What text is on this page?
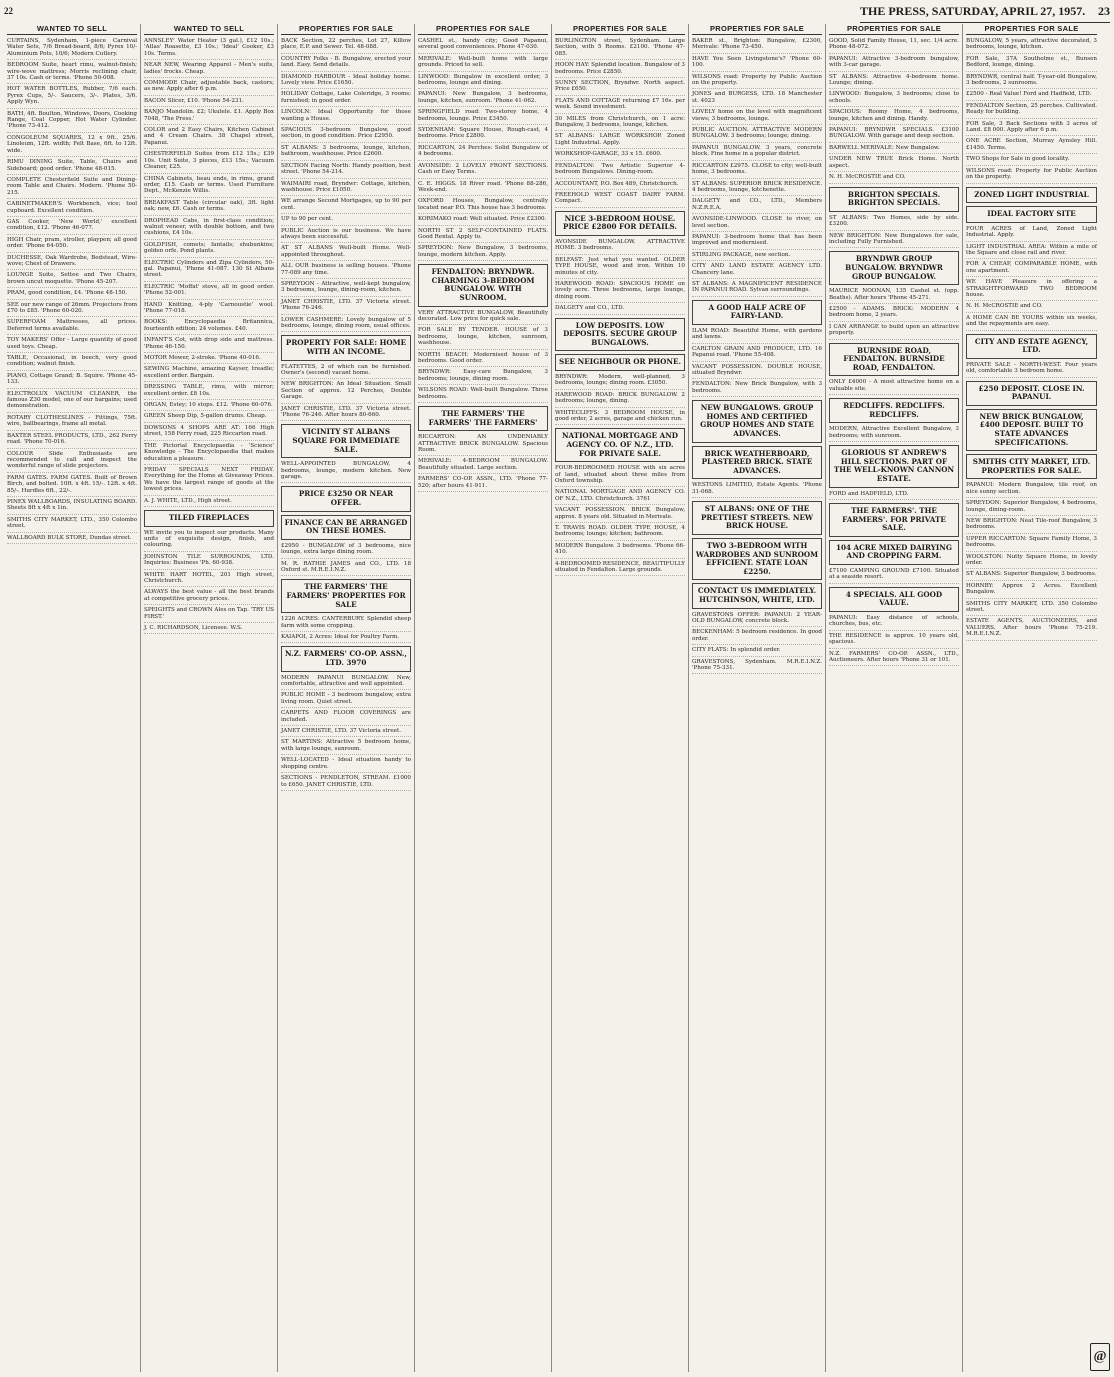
22	THE PRESS, SATURDAY, APRIL 27, 1957. 23
WANTED TO SELL
CURTAINS, Sydenham, 1-piece Carnival Water Sets, 7/6 Bread-board, 8/6; Pyrex 10/- Aluminium Pots, 10/6; Modern Cutlery.
BEDROOM Suite, heart rimu, walnut-finish; wire-wove mattress; Morris reclining chair, 37 10s. Cash or terms. 'Phone 50-008.
HOT WATER BOTTLES, Rubber, 7/6 each. Pyrex Cups, 5/-. Saucers, 3/-. Plates, 3/6. Apply Wyn.
BATH, 4ft. Boulton, Windows, Doors, Cooking Range, Coal Copper, Hot Water Cylinder. 'Phone 73-412.
CONGOLEUM SQUARES, 12 x 9ft., 25/6. Linoleum, 12ft. width; Felt Base, 6ft. to 12ft. wide.
RIMU DINING Suite, Table, Chairs and Sideboard; good order. 'Phone 48-015.
COMPLETE Chesterfield Suite and Dining-room Table and Chairs. Modern. 'Phone 50-215.
CABINETMAKER'S Workbench, vice; tool cupboard. Excellent condition.
GAS Cooker, 'New World,' excellent condition, £12. 'Phone 46-077.
HIGH Chair, pram, stroller, playpen; all good order. 'Phone 64-050.
DUCHESSE, Oak Wardrobe, Bedstead, Wire-wove; Chest of Drawers.
LOUNGE Suite, Settee and Two Chairs, brown uncut moquette. 'Phone 45-207.
PRAM, good condition, £4. 'Phone 48-150.
SEE our new range of 26mm. Projectors from £70 to £85. 'Phone 60-020.
SUPERFOAM Mattresses, all prices. Deferred terms available.
TOY MAKERS' Offer - Large quantity of good used toys. Cheap.
TABLE, Occasional, in beech, very good condition; walnut finish.
PIANO, Cottage Grand; B. Squire. 'Phone 45-133.
ELECTROLUX VACUUM CLEANER, the famous Z30 model, one of our bargains; used demonstration.
ROTARY CLOTHESLINES - Fittings, 75ft. wire, ballbearings, frame all metal.
BAXTER STEEL PRODUCTS, LTD., 262 Ferry road. 'Phone 70-016.
COLOUR Slide Enthusiasts are recommended to call and inspect the wonderful range of slide projectors.
FARM GATES. FARM GATES. Built of Brown Birch, and bolted. 10ft. x 4ft. 15/-. 12ft. x 4ft. 85/-. Hurdles 6ft., 22/-.
PINEX WALLBOARDS, INSULATING BOARD. Sheets 8ft x 4ft x 1in.
SMITHS CITY MARKET, LTD., 350 Colombo street.
WALLBOARD BULK STORE, Dundas street.
WANTED TO SELL
ANNSLEY' Water Heater (3 gal.), £12 10s.; 'Atlas' Roasette, £3 10s.; 'Ideal' Cooker, £3 10s. Terms.
NEAR NEW, Wearing Apparel - Men's suits, ladies' frocks. Cheap.
COMMODE Chair, adjustable back, castors; as new. Apply after 6 p.m.
BACON Slicer, £10. 'Phone 54-231.
BANJO Mandolin. £2; Ukulele. £1. Apply Box 7048, 'The Press.'
COLOR and 2 Easy Chairs, Kitchen Cabinet and 4 Cream Chairs. 38 Chapel street, Papanui.
CHESTERFIELD Suites from £12 15s.; £39 10s. Unit Suite, 3 pieces, £13 15s.; Vacuum Cleaner, £25.
CHINA Cabinets, beau ends, in rimu, grand order, £15. Cash or terms. Used Furniture Dept., McKenzie Willis.
BREAKFAST Table (circular oak), 3ft. light oak; new, £6. Cash or terms.
DROPHEAD Cabs, in first-class condition; walnut veneer, with double bottom, and two cushions, £4 10s.
GOLDFISH, comets; fantails; shubunkins; golden orfe. Pond plants.
ELECTRIC Cylinders and Zipa Cylinders, 50-gal. Papanui, 'Phone 41-087. 130 St Albans street.
ELECTRIC 'Moffat' stove, all in good order. 'Phone 52-001.
HAND Knitting, 4-ply 'Carnoustie' wool. 'Phone 77-018.
BOOKS: Encyclopaedia Britannica, fourteenth edition; 24 volumes. £40.
INFANT'S Cot, with drop side and mattress. 'Phone 46-150.
MOTOR Mower, 2-stroke. 'Phone 40-016.
SEWING Machine, amazing Kayser, treadle; excellent order. Bargain.
DRESSING TABLE, rimu, with mirror; excellent order. £8 10s.
ORGAN, Estey; 10 stops. £12. 'Phone 60-076.
GREEN Sheep Dip, 5-gallon drums. Cheap.
DOWSONS 4 SHOPS ARE AT: 166 High street, 158 Ferry road, 225 Riccarton road.
THE Pictorial Encyclopaedia - 'Science' Knowledge - The Encyclopaedia that makes education a pleasure.
FRIDAY SPECIALS NEXT FRIDAY. Everything for the Home at Giveaway Prices. We have the largest range of goods at the lowest prices.
A. J. WHITE, LTD., High street.
TILED FIREPLACES
WE invite you to inspect our products. Many units of exquisite design, finish, and colouring.
JOHNSTON TILE SURROUNDS, LTD. Inquiries: Business 'Ph. 60-938.
WHITE HART HOTEL, 201 High street, Christchurch.
ALWAYS the best value - all the best brands at competitive grocery prices.
SPEIGHTS and CROWN Ales on Tap. 'TRY US FIRST.'
J. C. RICHARDSON, Licensee. W.S.
PROPERTIES FOR SALE
BACK Section, 22 perches, Lot 27, Killow place, E.P. and Sewer. Tel. 48-088.
COUNTRY Folks - B. Bungalow, erected your land. Easy. Send details.
DIAMOND HARBOUR - Ideal holiday home. Lovely view. Price £1650.
HOLIDAY Cottage, Lake Coleridge, 3 rooms; furnished; in good order.
LINCOLN: Ideal Opportunity for those wanting a House.
SPACIOUS 3-bedroom Bungalow, good section, in good condition. Price £2950.
ST ALBANS: 3 bedrooms, lounge, kitchen, bathroom, washhouse. Price £2600.
SECTION Facing North: Handy position, best street. 'Phone 54-214.
WAIMAIRI road, Bryndwr: Cottage, kitchen, washhouse. Price £1050.
WE arrange Second Mortgages, up to 90 per cent.
UP to 90 per cent.
PUBLIC Auction is our business. We have always been successful.
AT ST ALBANS Well-built Home. Well-appointed throughout.
ALL OUR business is selling houses. 'Phone 77-089 any time.
SPREYDON - Attractive, well-kept bungalow, 3 bedrooms, lounge, dining-room, kitchen.
JANET CHRISTIE, LTD. 37 Victoria street. 'Phone 76-246.
LOWER CASHMERE: Lovely bungalow of 5 bedrooms, lounge, dining room, usual offices.
PROPERTY FOR SALE: HOME WITH AN INCOME.
FLATETTES, 2 of which can be furnished. Owner's (second) vacant home.
NEW BRIGHTON: An Ideal Situation. Small Section of approx. 12 Perches, Double Garage.
JANET CHRISTIE, LTD. 37 Victoria street. 'Phone 76-246. After hours 80-660.
VICINITY ST ALBANS SQUARE FOR IMMEDIATE SALE.
WELL-APPOINTED BUNGALOW, 4 bedrooms, lounge, modern kitchen. New garage.
PRICE £3250 OR NEAR OFFER.
FINANCE CAN BE ARRANGED ON THESE HOMES.
£2950 - BUNGALOW of 3 bedrooms, nice lounge, extra large dining room.
M. R. RATHIE JAMES and CO., LTD. 18 Oxford st. M.R.E.I.N.Z.
THE FARMERS' THE FARMERS' PROPERTIES FOR SALE
1226 ACRES: CANTERBURY. Splendid sheep farm with some cropping.
KAIAPOI, 2 Acres: Ideal for Poultry Farm.
N.Z. FARMERS' CO-OP. ASSN., LTD. 3970
MODERN PAPANUI BUNGALOW. New, comfortable, attractive and well appointed.
PUBLIC HOME - 3 bedroom bungalow, extra living room. Quiet street.
CARPETS AND FLOOR COVERINGS are included.
JANET CHRISTIE, LTD. 37 Victoria street.
ST MARTINS: Attractive 5 bedroom home, with large lounge, sunroom.
WELL-LOCATED - Ideal situation handy to shopping centre.
SECTIONS - PENDLETON, STREAM. £1000 to £650. JANET CHRISTIE, LTD.
PROPERTIES FOR SALE
CASHEL st., handy city; Good Papanui, several good conveniences. Phone 47-030.
MERIVALE: Well-built home with large grounds. Priced to sell.
LINWOOD: Bungalow in excellent order, 3 bedrooms, lounge and dining.
PAPANUI: New Bungalow, 3 bedrooms, lounge, kitchen, sunroom. 'Phone 41-062.
SPRINGFIELD road: Two-storey home, 4 bedrooms, lounge. Price £3450.
SYDENHAM: Square House, Rough-cast, 4 bedrooms. Price £2800.
RICCARTON, 24 Perches: Solid Bungalow of 4 bedrooms.
AVONSIDE: 2 LOVELY FRONT SECTIONS. Cash or Easy Terms.
C. E. HIGGS. 18 River road. 'Phone 88-286, Week-end.
OXFORD Houses, Bungalow, centrally located near P.O. This house has 3 bedrooms.
KORIMAKO road: Well situated. Price £2300.
NORTH ST 2 SELF-CONTAINED FLATS. Good Rental. Apply to.
SPREYDON: New Bungalow, 3 bedrooms, lounge, modern kitchen. Apply.
FENDALTON: BRYNDWR. CHARMING 3-BEDROOM BUNGALOW. WITH SUNROOM.
VERY ATTRACTIVE BUNGALOW, Beautifully decorated. Low price for quick sale.
FOR SALE BY TENDER. HOUSE of 3 bedrooms, lounge, kitchen, sunroom, washhouse.
NORTH BEACH: Modernised house of 3 bedrooms. Good order.
BRYNDWR: Easy-care Bungalow, 3 bedrooms; lounge, dining room.
WILSONS ROAD: Well-built Bungalow. Three bedrooms.
THE FARMERS' THE FARMERS' THE FARMERS'
RICCARTON: AN UNDENIABLY ATTRACTIVE BRICK BUNGALOW. Spacious Room.
MERIVALE: 4-BEDROOM BUNGALOW. Beautifully situated. Large section.
FARMERS' CO-OP. ASSN., LTD. 'Phone 77-520; after hours 41-911.
PROPERTIES FOR SALE
BURLINGTON street, Sydenham. Large Section, with 5 Rooms. £2100. 'Phone 47-085.
HOON HAY: Splendid location. Bungalow of 3 bedrooms. Price £2850.
SUNNY SECTION, Bryndwr. North aspect. Price £650.
FLATS AND COTTAGE returning £7 16s. per week. Sound investment.
30 MILES from Christchurch, on 1 acre: Bungalow, 3 bedrooms, lounge, kitchen.
ST ALBANS: LARGE WORKSHOP. Zoned Light Industrial. Apply.
WORKSHOP-GARAGE, 33 x 15. £600.
FENDALTON: Two Artistic Superior 4-bedroom Bungalows. Dining-room.
ACCOUNTANT, P.O. Box 489, Christchurch.
FREEHOLD WEST COAST DAIRY FARM. Compact.
NICE 3-BEDROOM HOUSE. PRICE £2800 FOR DETAILS.
AVONSIDE BUNGALOW. ATTRACTIVE HOME. 3 bedrooms.
BELFAST: Just what you wanted. OLDER TYPE HOUSE, wood and iron. Within 10 minutes of city.
HAREWOOD ROAD: SPACIOUS HOME on lovely acre. Three bedrooms, large lounge, dining room.
DALGETY and CO., LTD.
LOW DEPOSITS. LOW DEPOSITS. SECURE GROUP BUNGALOWS.
SEE NEIGHBOUR OR PHONE.
BRYNDWR: Modern, well-planned, 3 bedrooms, lounge; dining room. £3050.
HAREWOOD ROAD: BRICK BUNGALOW. 2 bedrooms; lounge, dining.
WHITECLIFFS: 3 BEDROOM HOUSE, in good order, 2 acres, garage and chicken run.
NATIONAL MORTGAGE AND AGENCY CO. OF N.Z., LTD. FOR PRIVATE SALE.
FOUR-BEDROOMED HOUSE with six acres of land, situated about three miles from Oxford township.
NATIONAL MORTGAGE AND AGENCY CO. OF N.Z., LTD. Christchurch. 3761
VACANT POSSESSION. BRICK Bungalow, approx. 8 years old. Situated in Merivale.
T. TRAVIS ROAD. OLDER TYPE HOUSE, 4 bedrooms; lounge; kitchen; bathroom.
MODERN Bungalow. 3 bedrooms. 'Phone 66-410.
4-BEDROOMED RESIDENCE, BEAUTIFULLY situated in Fendalton. Large grounds.
PROPERTIES FOR SALE
BAKER st., Brighton: Bungalow, £2300, Merivale: 'Phone 73-450.
HAVE You Seen Livingstone's? 'Phone 60-100.
WILSONS road: Property by Public Auction on the property.
JONES and BURGESS, LTD. 18 Manchester st. 4023
LOVELY home on the level with magnificent views; 3 bedrooms, lounge.
PUBLIC AUCTION. ATTRACTIVE MODERN BUNGALOW. 3 bedrooms; lounge; dining.
PAPANUI BUNGALOW. 3 years, concrete block. Fine home in a popular district.
RICCARTON £2975. CLOSE to city; well-built home, 3 bedrooms.
ST ALBANS: SUPERIOR BRICK RESIDENCE. 4 bedrooms, lounge, kitchenette.
DALGETY and CO., LTD., Members N.Z.R.E.A.
AVONSIDE-LINWOOD. CLOSE to river, on level section.
PAPANUI: 3-bedroom home that has been improved and modernised.
STIRLING PACKAGE, new section.
CITY AND LAND ESTATE AGENCY LTD. Chancery lane.
ST ALBANS: A MAGNIFICENT RESIDENCE IN PAPANUI ROAD. Sylvan surroundings.
A GOOD HALF ACRE OF FAIRY-LAND.
ILAM ROAD: Beautiful Home, with gardens and lawns.
CARLTON GRAIN AND PRODUCE, LTD. 16 Papanui road. 'Phone 55-408.
VACANT POSSESSION. DOUBLE HOUSE, situated Bryndwr.
FENDALTON: New Brick Bungalow, with 3 bedrooms.
NEW BUNGALOWS. GROUP HOMES AND CERTIFIED GROUP HOMES AND STATE ADVANCES.
BRICK WEATHERBOARD, PLASTERED BRICK. STATE ADVANCES.
WESTONS LIMITED, Estate Agents. 'Phone 31-068.
ST ALBANS: ONE OF THE PRETTIEST STREETS. NEW BRICK HOUSE.
TWO 3-BEDROOM WITH WARDROBES AND SUNROOM EFFICIENT. STATE LOAN £2250.
CONTACT US IMMEDIATELY. HUTCHINSON, WHITE, LTD.
GRAVESTONS OFFER: PAPANUI: 2 YEAR-OLD BUNGALOW, concrete block.
BECKENHAM: 5 bedroom residence. In good order.
CITY FLATS: In splendid order.
GRAVESTONS, Sydenham. M.R.E.I.N.Z. 'Phone 75-331.
PROPERTIES FOR SALE
GOOD, Solid Family House, 11, sec. 1/4 acre. Phone 48-072.
PAPANUI: Attractive 3-bedroom bungalow, with 3-car garage.
ST ALBANS: Attractive 4-bedroom home. Lounge; dining.
LINWOOD: Bungalow, 3 bedrooms; close to schools.
SPACIOUS: Roomy Home, 4 bedrooms, lounge, kitchen and dining. Handy.
PAPANUI: BRYNDWR SPECIALS. £3100 BUNGALOW. With garage and deep section.
BARWELL MERIVALE: New Bungalow.
UNDER NEW TRUE Brick Home. North aspect.
N. H. McCROSTIE and CO.
BRIGHTON SPECIALS. BRIGHTON SPECIALS.
ST ALBANS: Two Homes, side by side. £3200.
NEW BRIGHTON: New Bungalows for sale, including Fully Furnished.
BRYNDWR GROUP BUNGALOW. BRYNDWR GROUP BUNGALOW.
MAURICE NOONAN, 135 Cashel st. (opp. Beaths). After hours 'Phone 45-271.
£2500 - ADAMS. BRICK: MODERN 4 bedroom home, 2 years.
I CAN ARRANGE to build upon an attractive property.
BURNSIDE ROAD, FENDALTON. BURNSIDE ROAD, FENDALTON.
ONLY £4000 - A most attractive home on a valuable site.
REDCLIFFS. REDCLIFFS. REDCLIFFS.
MODERN, Attractive Excellent Bungalow, 3 bedrooms; with sunroom.
GLORIOUS ST ANDREW'S HILL SECTIONS. PART OF THE WELL-KNOWN CANNON ESTATE.
FORD and HADFIELD, LTD.
THE FARMERS'. THE FARMERS'. FOR PRIVATE SALE.
104 ACRE MIXED DAIRYING AND CROPPING FARM.
£7100 CAMPING GROUND £7100. Situated at a seaside resort.
4 SPECIALS. ALL GOOD VALUE.
PAPANUI: Easy distance of schools, churches, bus, etc.
THE RESIDENCE is approx. 10 years old, spacious.
N.Z. FARMERS' CO-OP. ASSN., LTD., Auctioneers. After hours 'Phone 31 or 101.
PROPERTIES FOR SALE
BUNGALOW, 5 years, attractive decorated, 3 bedrooms, lounge, kitchen.
FOR Sale, 37A Southolme st., Bunsen Bedford, lounge, dining.
BRYNDWR, central half. T-year-old Bungalow, 3 bedrooms, 2 sunrooms.
£2500 - Real Value! Ford and Hadfield, LTD.
FENDALTON Section, 25 perches. Cultivated. Ready for building.
FOR Sale, 3 Back Sections with 3 acres of Land. £8 000. Apply after 6 p.m.
ONE ACRE Section, Murray Aynsley Hill. £1450. Terms.
TWO Shops for Sale in good locality.
WILSONS road: Property for Public Auction on the property.
ZONED LIGHT INDUSTRIAL
IDEAL FACTORY SITE
FOUR ACRES of Land, Zoned Light Industrial. Apply.
LIGHT INDUSTRIAL AREA: Within a mile of the Square and close rail and river.
FOR A CHEAP, COMPARABLE HOME, with one apartment.
WE HAVE Pleasure in offering a STRAIGHTFORWARD TWO BEDROOM house.
N. H. McCROSTIE and CO.
A HOME CAN BE YOURS within six weeks, and the repayments are easy.
CITY AND ESTATE AGENCY, LTD.
PRIVATE SALE - NORTH-WEST. Four years old, comfortable 3 bedroom home.
£250 DEPOSIT. CLOSE IN. PAPANUI.
NEW BRICK BUNGALOW, £400 DEPOSIT. BUILT TO STATE ADVANCES SPECIFICATIONS.
SMITHS CITY MARKET, LTD. PROPERTIES FOR SALE.
PAPANUI: Modern Bungalow, tile roof, on nice sunny section.
SPREYDON: Superior Bungalow, 4 bedrooms, lounge, dining-room.
NEW BRIGHTON: Neat Tile-roof Bungalow, 3 bedrooms.
UPPER RICCARTON: Square Family Home, 3 bedrooms.
WOOLSTON: Nutty Square Home, in lovely order.
ST ALBANS: Superior Bungalow, 3 bedrooms.
HORNBY: Approx 2 Acres. Excellent Bungalow.
SMITHS CITY MARKET, LTD. 350 Colombo street.
ESTATE AGENTS, AUCTIONEERS, and VALUERS. After hours 'Phone 75-219. M.R.E.I.N.Z.
@
